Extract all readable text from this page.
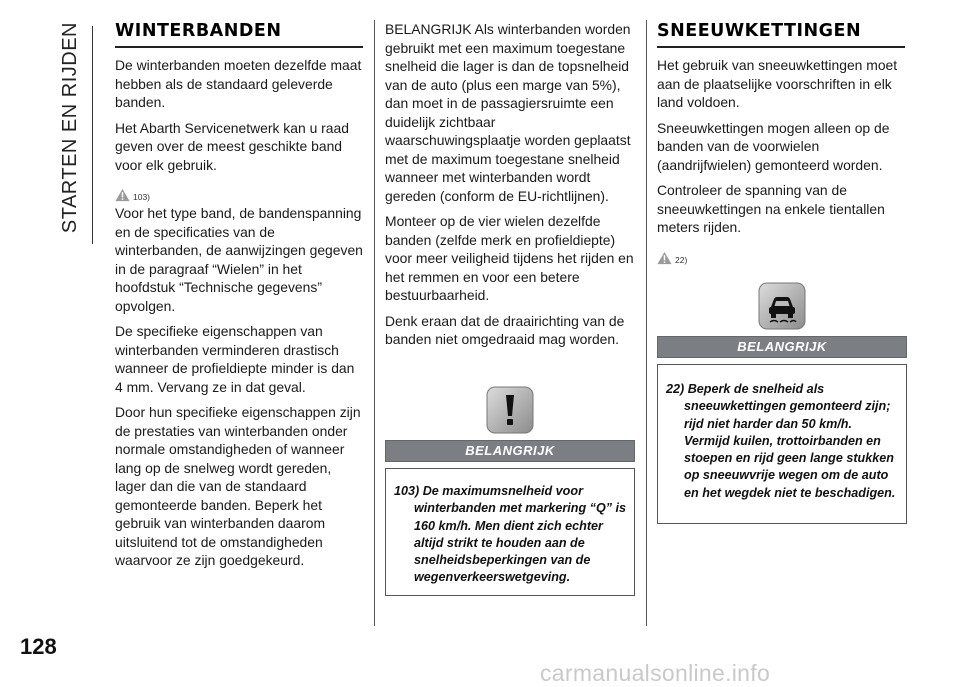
STARTEN EN RIJDEN WINTERBANDEN

De winterbanden moeten dezelfde maat hebben als de standaard geleverde banden.

Het Abarth Servicenetwerk kan u raad geven over de meest geschikte band voor elk gebruik.

103)

Voor het type band, de bandenspanning en de specificaties van de winterbanden, de aanwijzingen gegeven in de paragraaf “Wielen” in het hoofdstuk “Technische gegevens” opvolgen.

De specifieke eigenschappen van winterbanden verminderen drastisch wanneer de profieldiepte minder is dan 4 mm. Vervang ze in dat geval.

Door hun specifieke eigenschappen zijn de prestaties van winterbanden onder normale omstandigheden of wanneer lang op de snelweg wordt gereden, lager dan die van de standaard gemonteerde banden. Beperk het gebruik van winterbanden daarom uitsluitend tot de omstandigheden waarvoor ze zijn goedgekeurd.

BELANGRIJK Als winterbanden worden gebruikt met een maximum toegestane snelheid die lager is dan de topsnelheid van de auto (plus een marge van 5%), dan moet in de passagiersruimte een duidelijk zichtbaar waarschuwingsplaatje worden geplaatst met de maximum toegestane snelheid wanneer met winterbanden wordt gereden (conform de EU-richtlijnen).

Monteer op de vier wielen dezelfde banden (zelfde merk en profieldiepte) voor meer veiligheid tijdens het rijden en het remmen en voor een betere bestuurbaarheid.

Denk eraan dat de draairichting van de banden niet omgedraaid mag worden.

BELANGRIJK

103) De maximumsnelheid voor winterbanden met markering “Q” is 160 km/h. Men dient zich echter altijd strikt te houden aan de snelheidsbeperkingen van de wegenverkeerswetgeving.

SNEEUWKETTINGEN

Het gebruik van sneeuwkettingen moet aan de plaatselijke voorschriften in elk land voldoen.

Sneeuwkettingen mogen alleen op de banden van de voorwielen (aandrijfwielen) gemonteerd worden.

Controleer de spanning van de sneeuwkettingen na enkele tientallen meters rijden.

22)
BELANGRIJK

22) Beperk de snelheid als sneeuwkettingen gemonteerd zijn; rijd niet harder dan 50 km/h. Vermijd kuilen, trottoirbanden en stoepen en rijd geen lange stukken op sneeuwvrije wegen om de auto en het wegdek niet te beschadigen.

128
carmanualsonline.info
